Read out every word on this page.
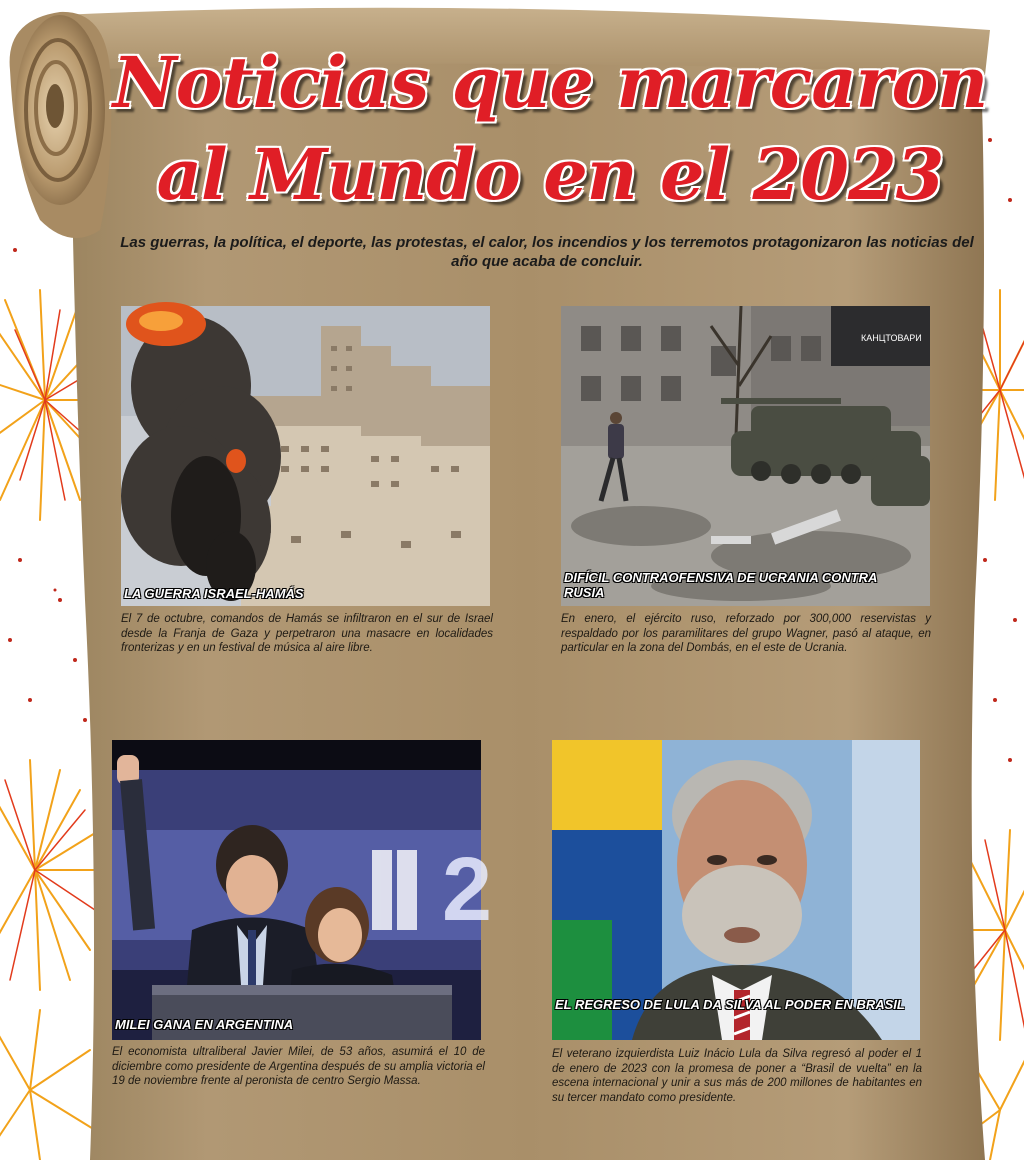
Noticias que marcaron
al Mundo en el 2023
Las guerras, la política, el deporte, las protestas, el calor, los incendios y los terremotos protagonizaron las noticias del año que acaba de concluir.
LA GUERRA ISRAEL-HAMÁS
El 7 de octubre, comandos de Hamás se infiltraron en el sur de Israel desde la Franja de Gaza y perpetraron una masacre en localidades fronterizas y en un festival de música al aire libre.
КАНЦТОВАРИ
DIFÍCIL CONTRAOFENSIVA DE UCRANIA CONTRA RUSIA
En enero, el ejército ruso, reforzado por 300,000 reservistas y respaldado por los paramilitares del grupo Wagner, pasó al ataque, en particular en la zona del Dombás, en el este de Ucrania.
2
MILEI GANA EN ARGENTINA
El economista ultraliberal Javier Milei, de 53 años, asumirá el 10 de diciembre como presidente de Argentina después de su amplia victoria el 19 de noviembre frente al peronista de centro Sergio Massa.
EL REGRESO DE LULA DA SILVA AL PODER EN BRASIL
El veterano izquierdista Luiz Inácio Lula da Silva regresó al poder el 1 de enero de 2023 con la promesa de poner a “Brasil de vuelta” en la escena internacional y unir a sus más de 200 millones de habitantes en su tercer mandato como presidente.
